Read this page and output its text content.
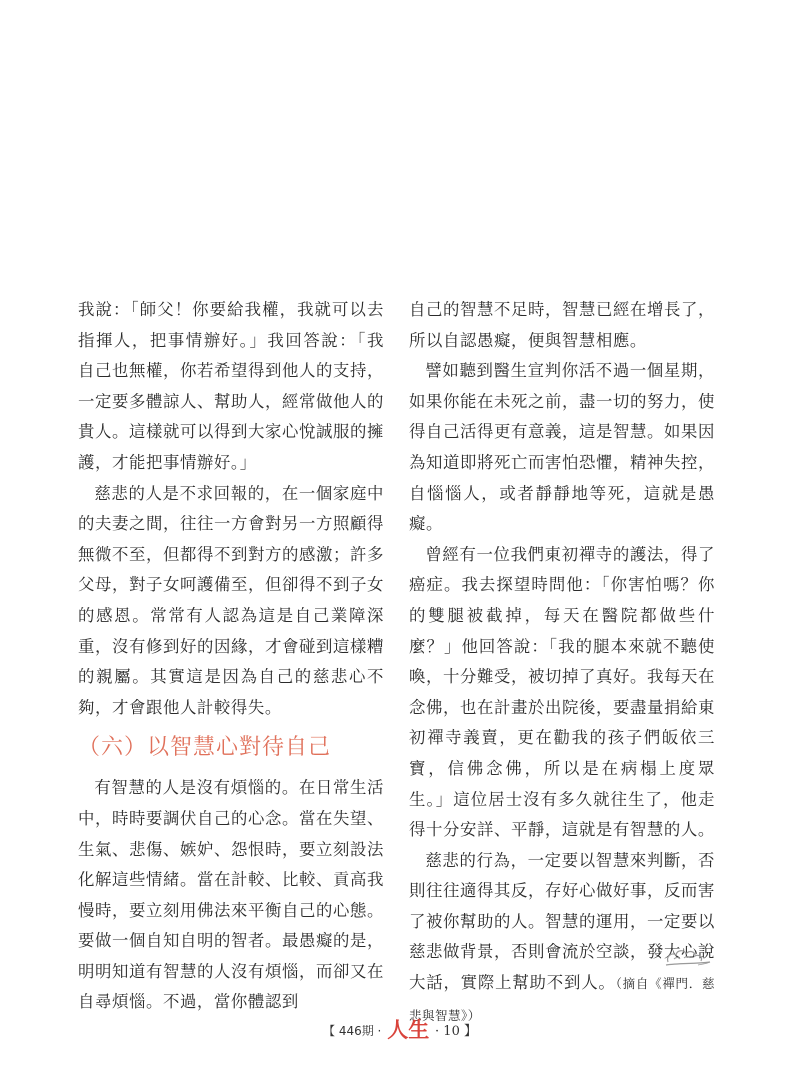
我說：「師父！你要給我權，我就可以去指揮人，把事情辦好。」我回答說：「我自己也無權，你若希望得到他人的支持，一定要多體諒人、幫助人，經常做他人的貴人。這樣就可以得到大家心悅誠服的擁護，才能把事情辦好。」

慈悲的人是不求回報的，在一個家庭中的夫妻之間，往往一方會對另一方照顧得無微不至，但都得不到對方的感激；許多父母，對子女呵護備至，但卻得不到子女的感恩。常常有人認為這是自己業障深重，沒有修到好的因緣，才會碰到這樣糟的親屬。其實這是因為自己的慈悲心不夠，才會跟他人計較得失。

（六）以智慧心對待自己

有智慧的人是沒有煩惱的。在日常生活中，時時要調伏自己的心念。當在失望、生氣、悲傷、嫉妒、怨恨時，要立刻設法化解這些情緒。當在計較、比較、貢高我慢時，要立刻用佛法來平衡自己的心態。要做一個自知自明的智者。最愚癡的是，明明知道有智慧的人沒有煩惱，而卻又在自尋煩惱。不過，當你體認到

自己的智慧不足時，智慧已經在增長了，所以自認愚癡，便與智慧相應。

譬如聽到醫生宣判你活不過一個星期，如果你能在未死之前，盡一切的努力，使得自己活得更有意義，這是智慧。如果因為知道即將死亡而害怕恐懼，精神失控，自惱惱人，或者靜靜地等死，這就是愚癡。

曾經有一位我們東初禪寺的護法，得了癌症。我去探望時問他：「你害怕嗎？你的雙腿被截掉，每天在醫院都做些什麼？」他回答說：「我的腿本來就不聽使喚，十分難受，被切掉了真好。我每天在念佛，也在計畫於出院後，要盡量捐給東初禪寺義賣，更在勸我的孩子們皈依三寶，信佛念佛，所以是在病榻上度眾生。」這位居士沒有多久就往生了，他走得十分安詳、平靜，這就是有智慧的人。

慈悲的行為，一定要以智慧來判斷，否則往往適得其反，存好心做好事，反而害了被你幫助的人。智慧的運用，一定要以慈悲做背景，否則會流於空談，發大心說大話，實際上幫助不到人。（摘自《禪門．慈悲與智慧》）

【 446期 · 人生 · 10 】
